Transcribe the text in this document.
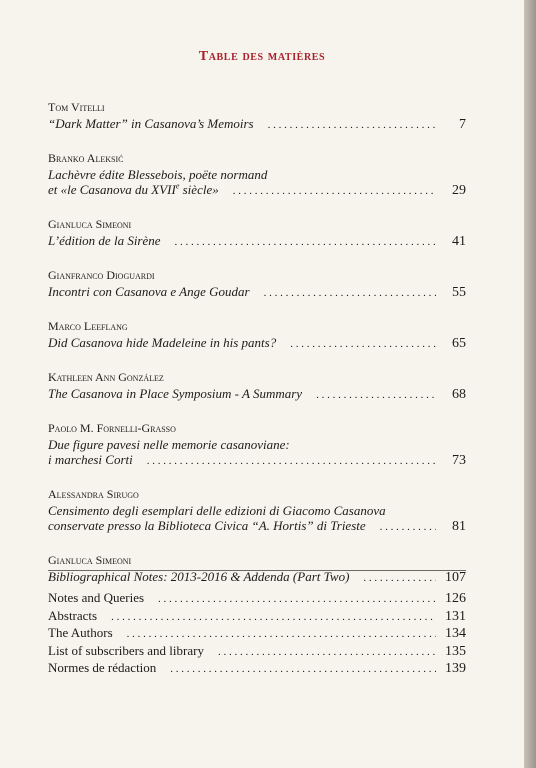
Table des matières
Tom Vitelli
“Dark Matter” in Casanova’s Memoirs . . .	7
Branko Aleksić
Lachèvre édite Blessebois, poëte normand
et «le Casanova du XVIIe siècle» . . .	29
Gianluca Simeoni
L’édition de la Sirène . . .	41
Gianfranco Dioguardi
Incontri con Casanova e Ange Goudar . . .	55
Marco Leeflang
Did Casanova hide Madeleine in his pants? . . .	65
Kathleen Ann González
The Casanova in Place Symposium - A Summary . . .	68
Paolo M. Fornelli-Grasso
Due figure pavesi nelle memorie casanoviane:
i marchesi Corti . . .	73
Alessandra Sirugo
Censimento degli esemplari delle edizioni di Giacomo Casanova
conservate presso la Biblioteca Civica “A. Hortis” di Trieste . . .	81
Gianluca Simeoni
Bibliographical Notes: 2013-2016 & Addenda (Part Two) . . .	107
Notes and Queries . . .	126
Abstracts . . .	131
The Authors . . .	134
List of subscribers and library . . .	135
Normes de rédaction . . .	139
